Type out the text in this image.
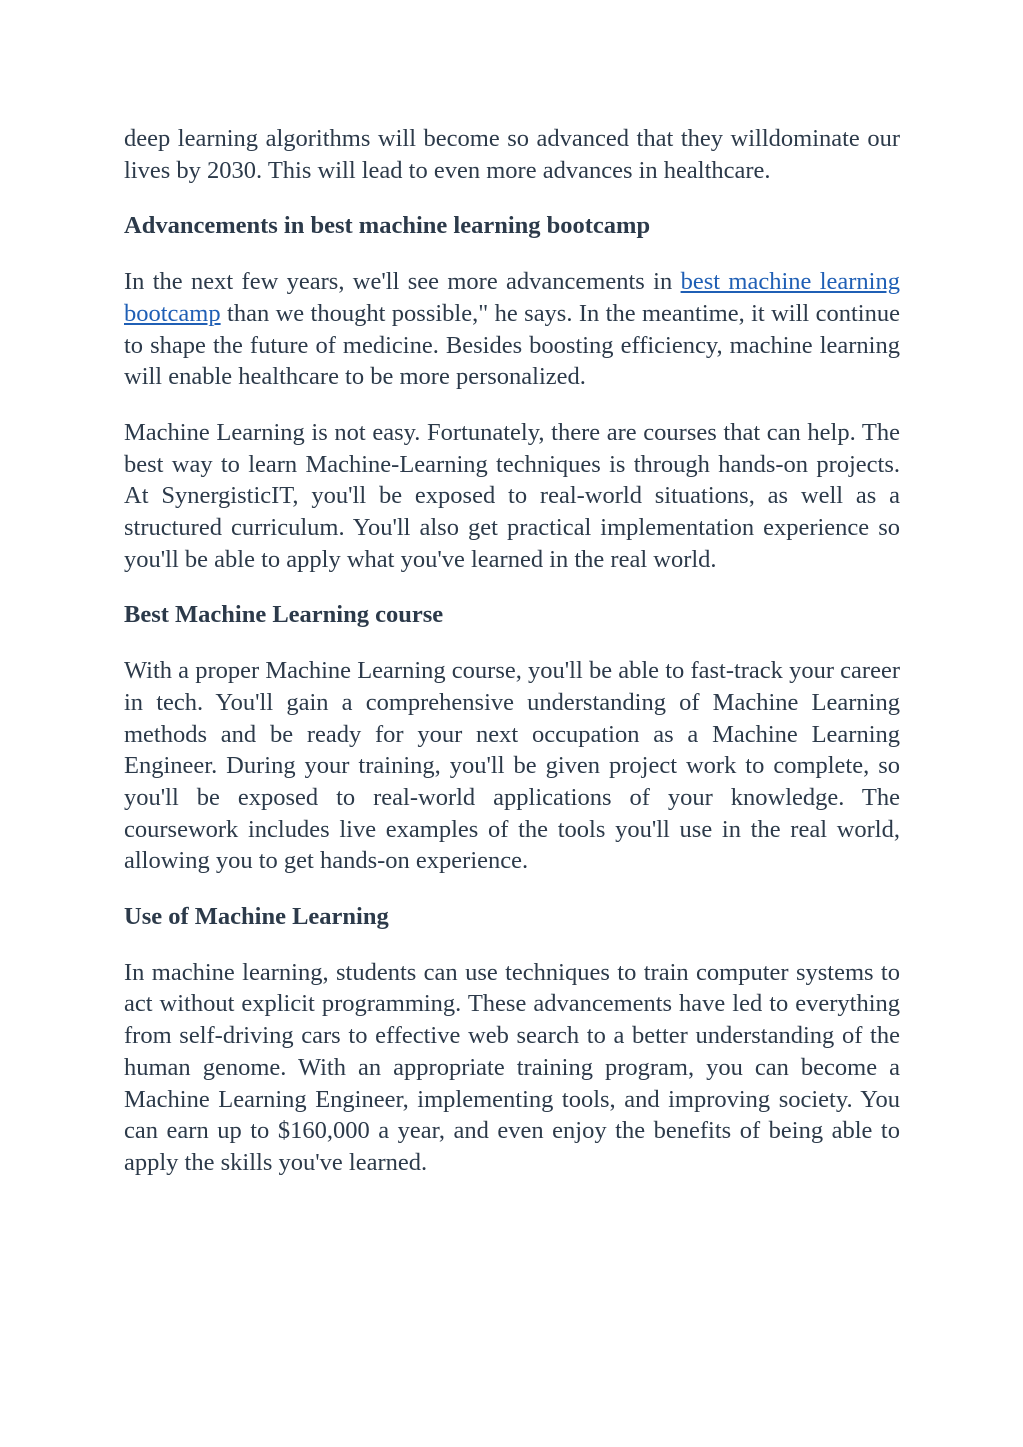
deep learning algorithms will become so advanced that they willdominate our lives by 2030. This will lead to even more advances in healthcare.

Advancements in best machine learning bootcamp

In the next few years, we'll see more advancements in best machine learning bootcamp than we thought possible," he says. In the meantime, it will continue to shape the future of medicine. Besides boosting efficiency, machine learning will enable healthcare to be more personalized.

Machine Learning is not easy. Fortunately, there are courses that can help. The best way to learn Machine-Learning techniques is through hands-on projects. At SynergisticIT, you'll be exposed to real-world situations, as well as a structured curriculum. You'll also get practical implementation experience so you'll be able to apply what you've learned in the real world.

Best Machine Learning course

With a proper Machine Learning course, you'll be able to fast-track your career in tech. You'll gain a comprehensive understanding of Machine Learning methods and be ready for your next occupation as a Machine Learning Engineer. During your training, you'll be given project work to complete, so you'll be exposed to real-world applications of your knowledge. The coursework includes live examples of the tools you'll use in the real world, allowing you to get hands-on experience.

Use of Machine Learning

In machine learning, students can use techniques to train computer systems to act without explicit programming. These advancements have led to everything from self-driving cars to effective web search to a better understanding of the human genome. With an appropriate training program, you can become a Machine Learning Engineer, implementing tools, and improving society. You can earn up to $160,000 a year, and even enjoy the benefits of being able to apply the skills you've learned.
